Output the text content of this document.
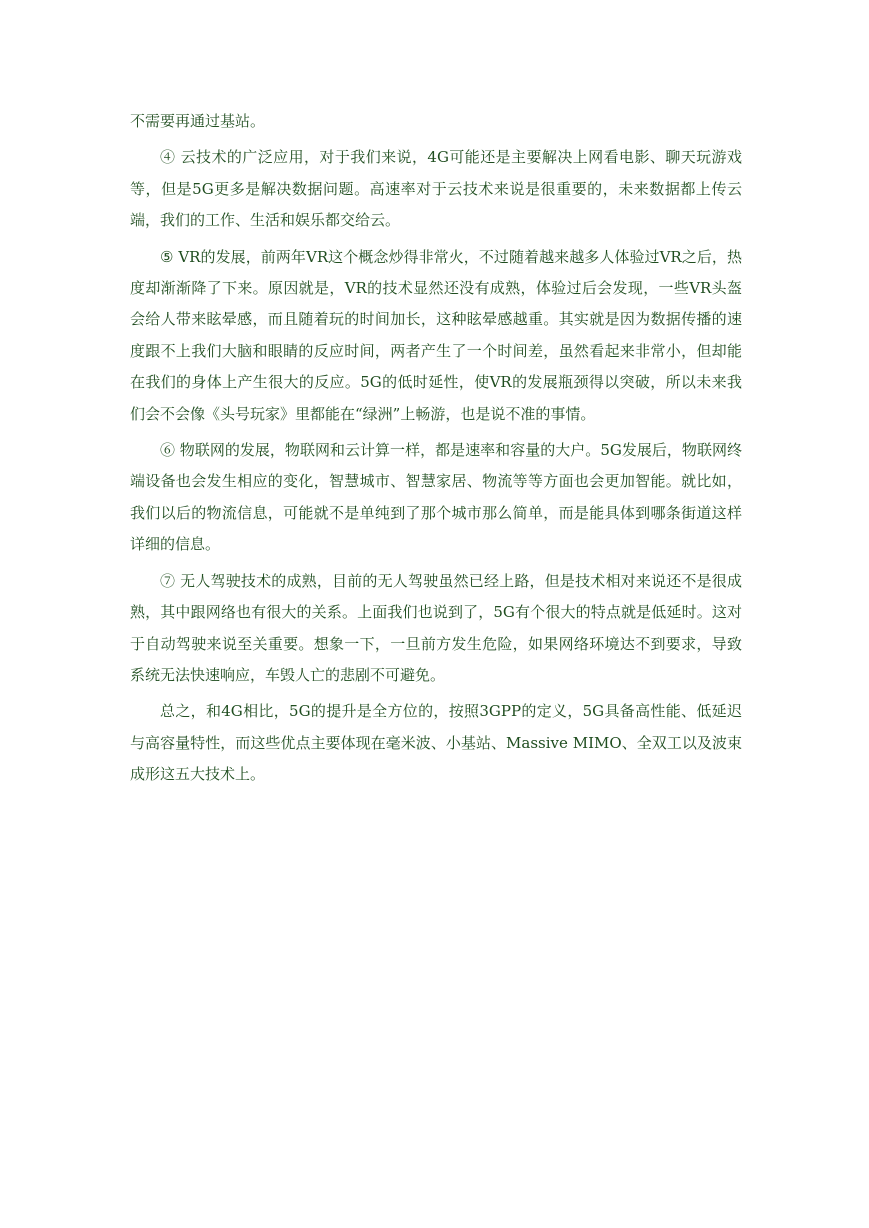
不需要再通过基站。

④ 云技术的广泛应用，对于我们来说，4G可能还是主要解决上网看电影、聊天玩游戏等，但是5G更多是解决数据问题。高速率对于云技术来说是很重要的，未来数据都上传云端，我们的工作、生活和娱乐都交给云。

⑤ VR的发展，前两年VR这个概念炒得非常火，不过随着越来越多人体验过VR之后，热度却渐渐降了下来。原因就是，VR的技术显然还没有成熟，体验过后会发现，一些VR头盔会给人带来眩晕感，而且随着玩的时间加长，这种眩晕感越重。其实就是因为数据传播的速度跟不上我们大脑和眼睛的反应时间，两者产生了一个时间差，虽然看起来非常小，但却能在我们的身体上产生很大的反应。5G的低时延性，使VR的发展瓶颈得以突破，所以未来我们会不会像《头号玩家》里都能在“绿洲”上畅游，也是说不准的事情。

⑥ 物联网的发展，物联网和云计算一样，都是速率和容量的大户。5G发展后，物联网终端设备也会发生相应的变化，智慧城市、智慧家居、物流等等方面也会更加智能。就比如，我们以后的物流信息，可能就不是单纯到了那个城市那么简单，而是能具体到哪条街道这样详细的信息。

⑦ 无人驾驶技术的成熟，目前的无人驾驶虽然已经上路，但是技术相对来说还不是很成熟，其中跟网络也有很大的关系。上面我们也说到了，5G有个很大的特点就是低延时。这对于自动驾驶来说至关重要。想象一下，一旦前方发生危险，如果网络环境达不到要求，导致系统无法快速响应，车毁人亡的悲剧不可避免。

总之，和4G相比，5G的提升是全方位的，按照3GPP的定义，5G具备高性能、低延迟与高容量特性，而这些优点主要体现在毫米波、小基站、Massive MIMO、全双工以及波束成形这五大技术上。
